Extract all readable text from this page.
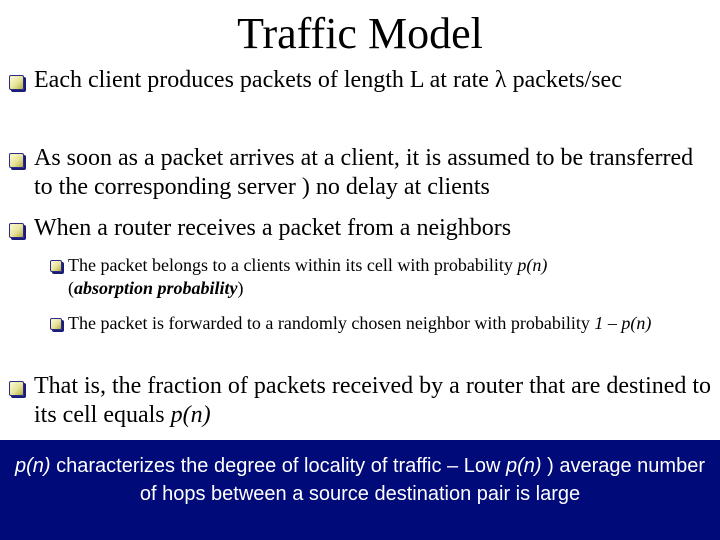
Traffic Model
Each client produces packets of length L at rate λ packets/sec
As soon as a packet arrives at a client, it is assumed to be transferred to the corresponding server ) no delay at clients
When a router receives a packet from a neighbors
The packet belongs to a clients within its cell with probability p(n)
(absorption probability)
The packet is forwarded to a randomly chosen neighbor with probability 1 – p(n)
That is, the fraction of packets received by a router that are destined to its cell equals p(n)
p(n) characterizes the degree of locality of traffic – Low p(n) ) average number of hops between a source destination pair is large
